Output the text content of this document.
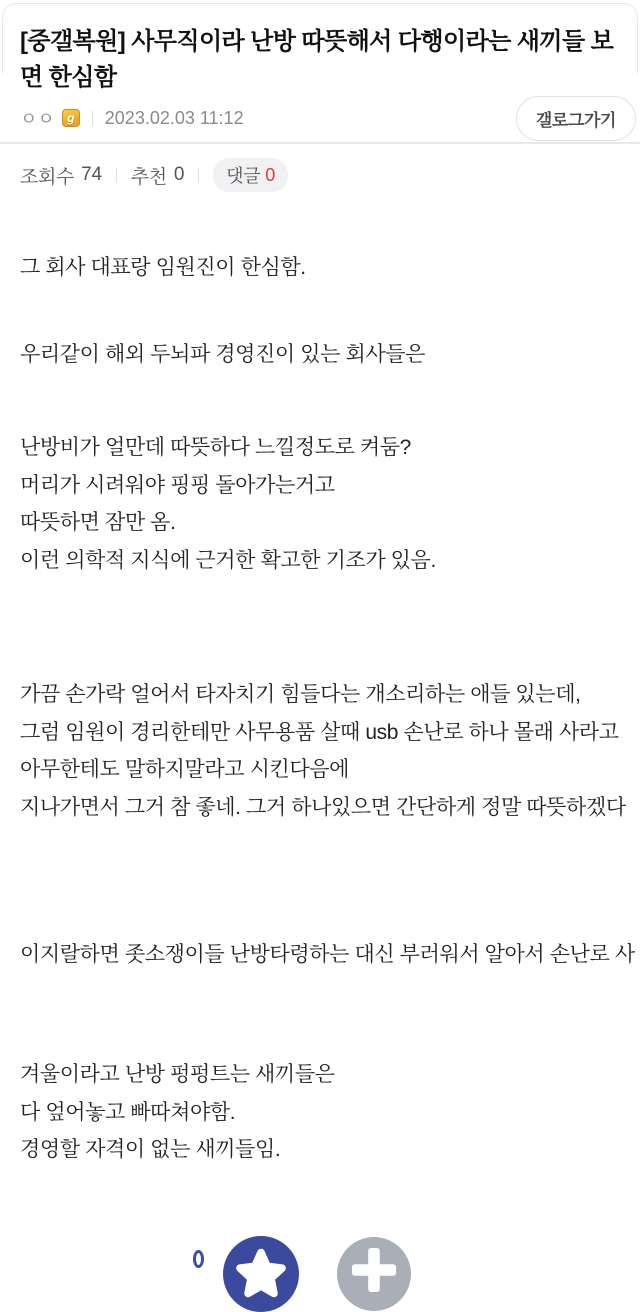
[중갤복원] 사무직이라 난방 따뜻해서 다행이라는 새끼들 보면 한심함
ㅇㅇ	g 2023.02.03 11:12	갤로그가기
조회수 74 추천 0 댓글 0
그 회사 대표랑 임원진이 한심함.
우리같이 해외 두뇌파 경영진이 있는 회사들은
난방비가 얼만데 따뜻하다 느낄정도로 켜둠?
머리가 시려워야 핑핑 돌아가는거고
따뜻하면 잠만 옴.
이런 의학적 지식에 근거한 확고한 기조가 있음.
가끔 손가락 얼어서 타자치기 힘들다는 개소리하는 애들 있는데,
그럼 임원이 경리한테만 사무용품 살때 usb 손난로 하나 몰래 사라고
아무한테도 말하지말라고 시킨다음에
지나가면서 그거 참 좋네. 그거 하나있으면 간단하게 정말 따뜻하겠다
이지랄하면 좃소쟁이들 난방타령하는 대신 부러워서 알아서 손난로 사
겨울이라고 난방 펑펑트는 새끼들은
다 엎어놓고 빠따쳐야함.
경영할 자격이 없는 새끼들임.
